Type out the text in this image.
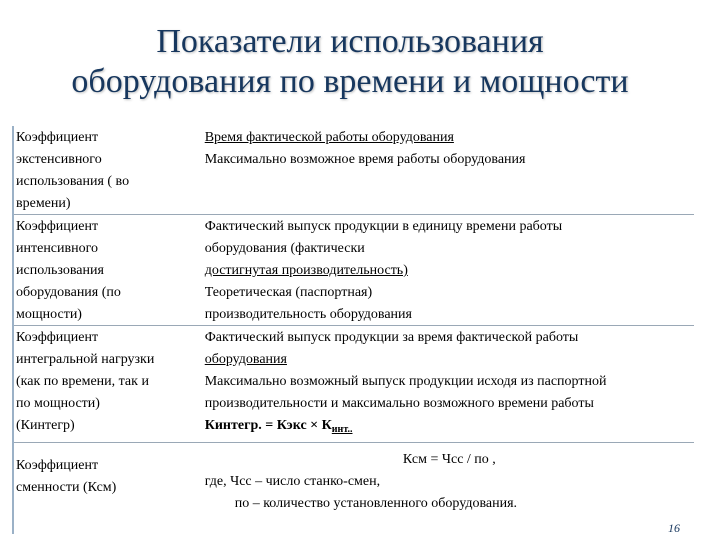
Показатели использования
оборудования по времени и мощности
Коэффициент
экстенсивного
использования ( во
времени)
Время фактической работы оборудования
Максимально возможное время работы оборудования
Коэффициент
интенсивного
использования
оборудования (по
мощности)
Фактический выпуск продукции в единицу времени работы
оборудования (фактически
достигнутая производительность)
Теоретическая (паспортная)
производительность оборудования
Коэффициент
интегральной нагрузки
(как по времени, так и
по мощности)
(Кинтегр)
Фактический выпуск продукции за время фактической работы
оборудования
Максимально возможный выпуск продукции исходя из паспортной
производительности и максимально возможного времени работы
Кинтегр. = Кэкс × $К_{инт..}$
Коэффициент
сменности (Ксм)
Ксм = Чсс / по ,
где, Чсс – число станко-смен,
по – количество установленного оборудования.
16
